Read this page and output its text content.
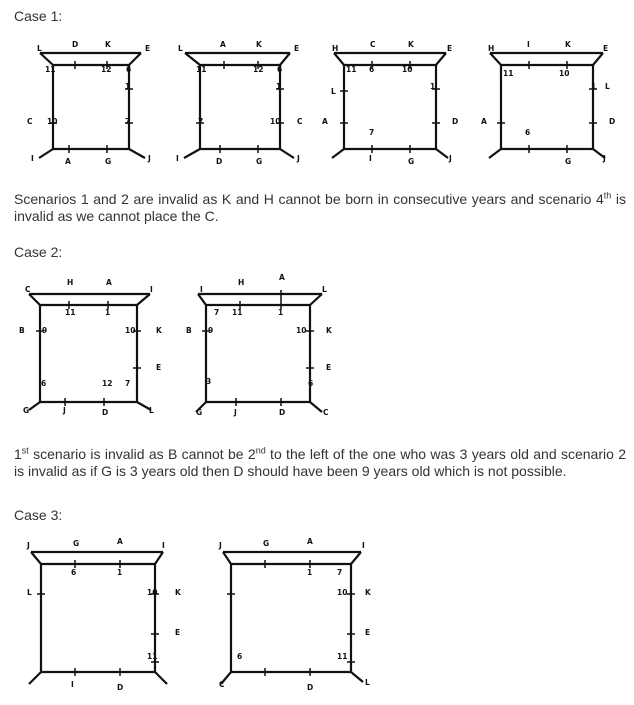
Case 1:
L	D	K	E
11	12 6
1
C 10	7
I	A	G	J
L	A	K	E
11	12 6
1
7	10 C
I	D	G	J
H	C	K	E
11 6	10
1
L
A	D
7
I	G	J
H	I	K	E
11	10
1 L
A	D
6
G	J
Scenarios 1 and 2 are invalid as K and H cannot be born in consecutive years and scenario 4th is invalid as we cannot place the C.
Case 2:
C
H	A
I
11	1
B 9	10	K
E
6	12 7
G	J	D	L
I
H
A
L
7 11	1
B 9	10	K
E
3	6
G	J	D	C
1st scenario is invalid as B cannot be 2nd to the left of the one who was 3 years old and scenario 2 is invalid as if G is 3 years old then D should have been 9 years old which is not possible.
Case 3:
J	G	A	I
6	1
L	10 K
E
11
I	D
J	G	A	I
1	7
10 K
E
6	11
C	D
L
